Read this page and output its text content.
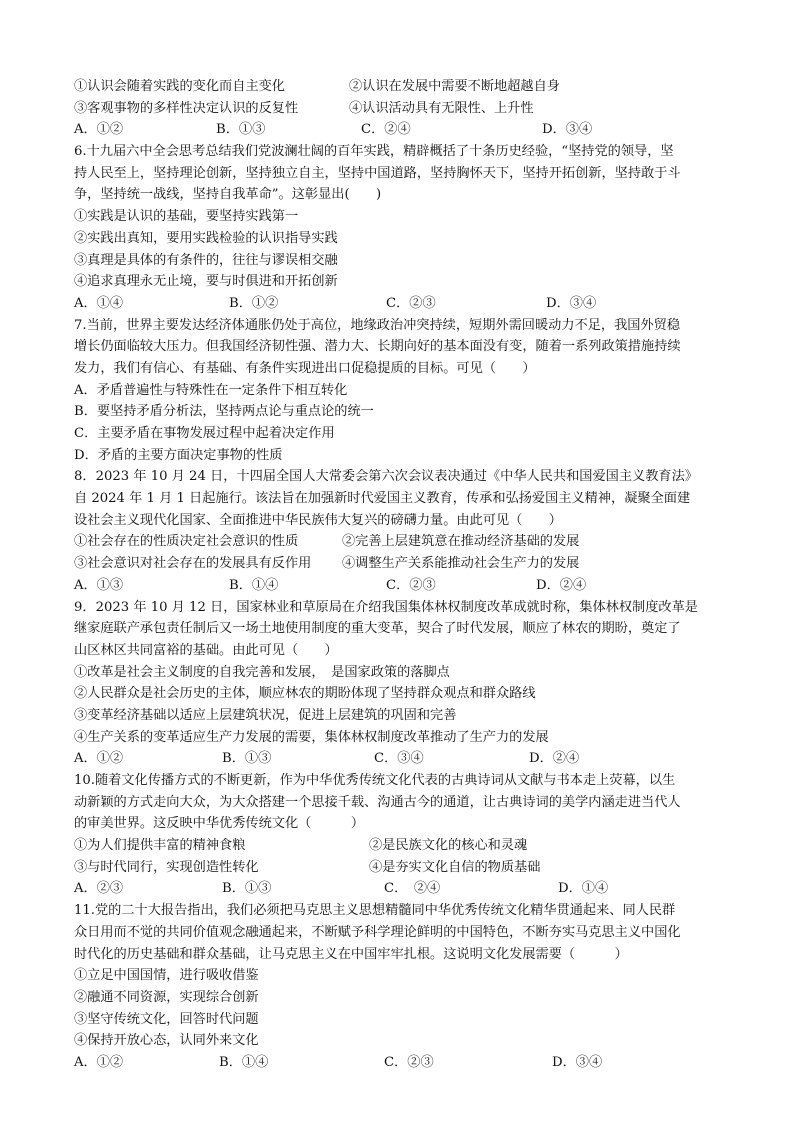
①认识会随着实践的变化而自主变化	②认识在发展中需要不断地超越自身
③客观事物的多样性决定认识的反复性	④认识活动具有无限性、上升性
A．①②	B．①③	C．②④	D．③④
6.十九届六中全会思考总结我们党波澜壮阔的百年实践，精辟概括了十条历史经验，“坚持党的领导，坚
持人民至上，坚持理论创新，坚持独立自主，坚持中国道路，坚持胸怀天下，坚持开拓创新，坚持敢于斗
争，坚持统一战线，坚持自我革命”。这彰显出(　　)
①实践是认识的基础，要坚持实践第一
②实践出真知，要用实践检验的认识指导实践
③真理是具体的有条件的，往往与谬误相交融
④追求真理永无止境，要与时俱进和开拓创新
A．①④	B．①②	C．②③	D．③④
7.当前，世界主要发达经济体通胀仍处于高位，地缘政治冲突持续，短期外需回暖动力不足，我国外贸稳
增长仍面临较大压力。但我国经济韧性强、潜力大、长期向好的基本面没有变，随着一系列政策措施持续
发力，我们有信心、有基础、有条件实现进出口促稳提质的目标。可见（　　）
A．矛盾普遍性与特殊性在一定条件下相互转化
B．要坚持矛盾分析法，坚持两点论与重点论的统一
C．主要矛盾在事物发展过程中起着决定作用
D．矛盾的主要方面决定事物的性质
8．2023 年 10 月 24 日，十四届全国人大常委会第六次会议表决通过《中华人民共和国爱国主义教育法》
自 2024 年 1 月 1 日起施行。该法旨在加强新时代爱国主义教育，传承和弘扬爱国主义精神，凝聚全面建
设社会主义现代化国家、全面推进中华民族伟大复兴的磅礴力量。由此可见（　　）
①社会存在的性质决定社会意识的性质	②完善上层建筑意在推动经济基础的发展
③社会意识对社会存在的发展具有反作用	④调整生产关系能推动社会生产力的发展
A．①③	B．①④	C．②③	D．②④
9．2023 年 10 月 12 日，国家林业和草原局在介绍我国集体林权制度改革成就时称，集体林权制度改革是
继家庭联产承包责任制后又一场土地使用制度的重大变革，契合了时代发展，顺应了林农的期盼，奠定了
山区林区共同富裕的基础。由此可见（　　）
①改革是社会主义制度的自我完善和发展，　是国家政策的落脚点
②人民群众是社会历史的主体，顺应林农的期盼体现了坚持群众观点和群众路线
③变革经济基础以适应上层建筑状况，促进上层建筑的巩固和完善
④生产关系的变革适应生产力发展的需要，集体林权制度改革推动了生产力的发展
A．①②	B．①③	C．③④	D．②④
10.随着文化传播方式的不断更新，作为中华优秀传统文化代表的古典诗词从文献与书本走上荧幕，以生
动新颖的方式走向大众，为大众搭建一个思接千载、沟通古今的通道，让古典诗词的美学内涵走进当代人
的审美世界。这反映中华优秀传统文化（　　　）
①为人们提供丰富的精神食粮	②是民族文化的核心和灵魂
③与时代同行，实现创造性转化	④是夯实文化自信的物质基础
A．②③	B．①③	C．　②④	D．①④
11.党的二十大报告指出，我们必须把马克思主义思想精髓同中华优秀传统文化精华贯通起来、同人民群
众日用而不觉的共同价值观念融通起来，不断赋予科学理论鲜明的中国特色，不断夯实马克思主义中国化
时代化的历史基础和群众基础，让马克思主义在中国牢牢扎根。这说明文化发展需要（　　　）
①立足中国国情，进行吸收借鉴
②融通不同资源，实现综合创新
③坚守传统文化，回答时代问题
④保持开放心态，认同外来文化
A．①②	B．①④	C．②③	D．③④
